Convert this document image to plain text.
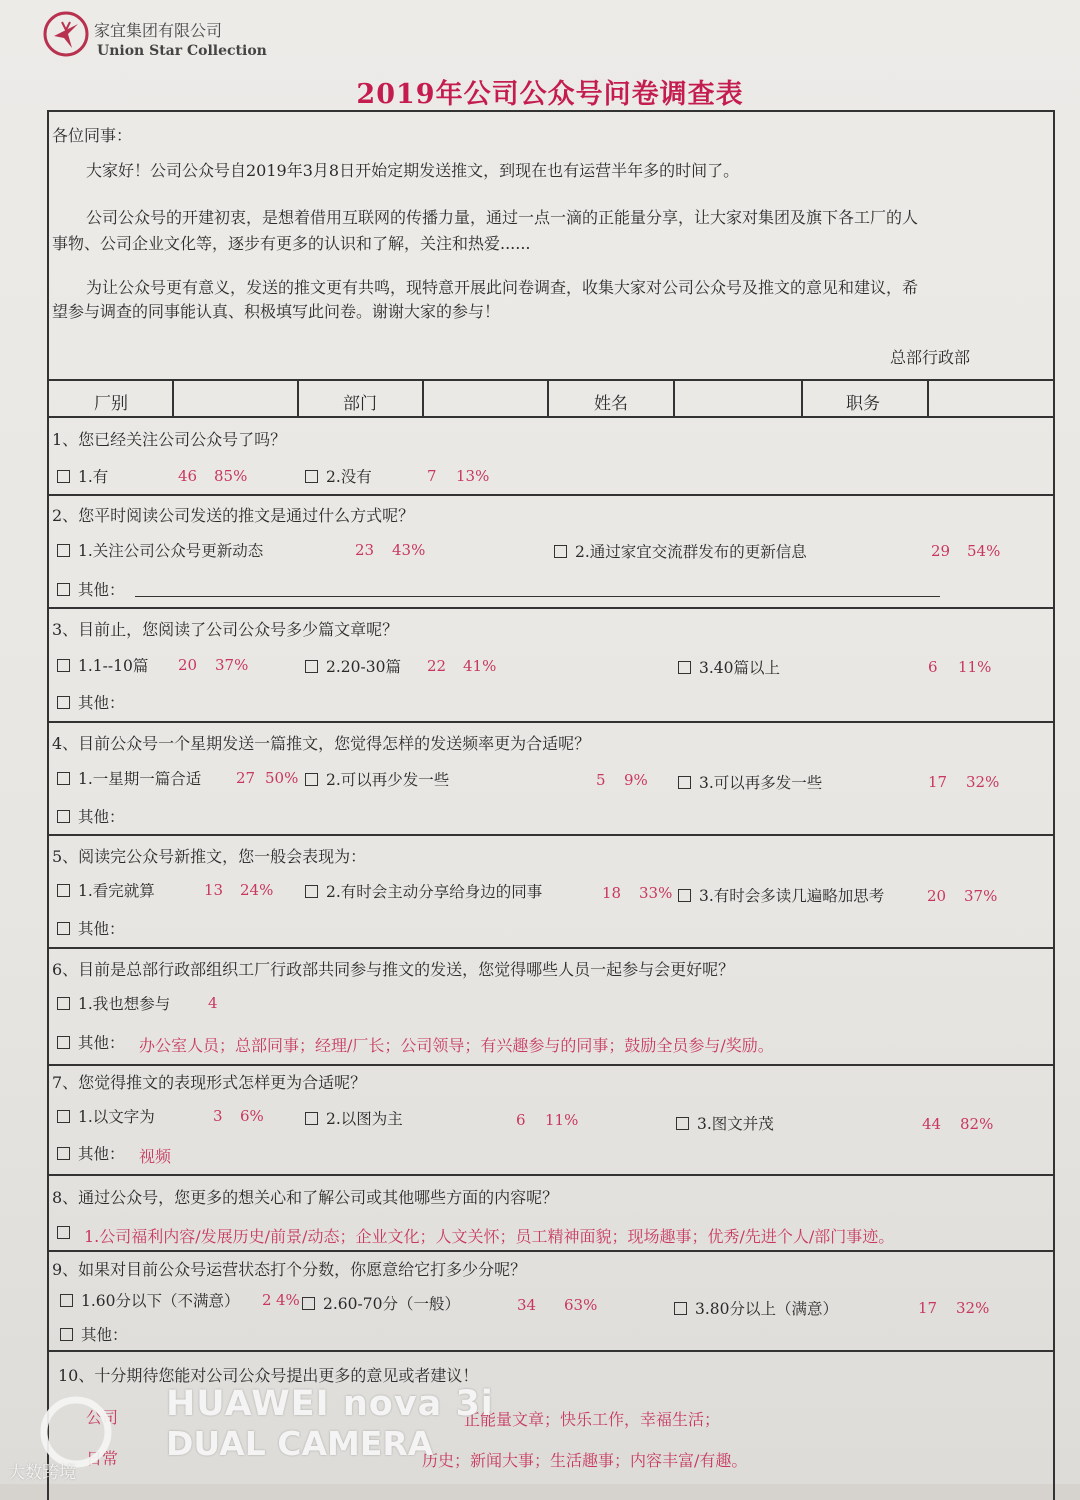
家宜集团有限公司
Union Star Collection
2019年公司公众号问卷调查表
各位同事：
大家好！公司公众号自2019年3月8日开始定期发送推文，到现在也有运营半年多的时间了。
公司公众号的开建初衷，是想着借用互联网的传播力量，通过一点一滴的正能量分享，让大家对集团及旗下各工厂的人
事物、公司企业文化等，逐步有更多的认识和了解，关注和热爱......
为让公众号更有意义，发送的推文更有共鸣，现特意开展此问卷调查，收集大家对公司公众号及推文的意见和建议，希
望参与调查的同事能认真、积极填写此问卷。谢谢大家的参与！
总部行政部
厂别	部门	姓名	职务
1、您已经关注公司公众号了吗？
1.有	46 85%	2.没有	7 13%
2、您平时阅读公司发送的推文是通过什么方式呢？
1.关注公司公众号更新动态	23 43%	2.通过家宜交流群发布的更新信息	29 54%
其他：
3、目前止，您阅读了公司公众号多少篇文章呢？
1.1--10篇 20 37%	2.20-30篇 22 41%	3.40篇以上	6 11%
其他：
4、目前公众号一个星期发送一篇推文，您觉得怎样的发送频率更为合适呢？
1.一星期一篇合适 27 50%	2.可以再少发一些	5 9%	3.可以再多发一些	17 32%
其他：
5、阅读完公众号新推文，您一般会表现为：
1.看完就算	13 24%	2.有时会主动分享给身边的同事	18 33%	3.有时会多读几遍略加思考	20 37%
其他：
6、目前是总部行政部组织工厂行政部共同参与推文的发送，您觉得哪些人员一起参与会更好呢？
1.我也想参与	4
其他： 办公室人员；总部同事；经理/厂长；公司领导；有兴趣参与的同事；鼓励全员参与/奖励。
7、您觉得推文的表现形式怎样更为合适呢？
1.以文字为	3 6%	2.以图为主	6 11%	3.图文并茂	44 82%
其他： 视频
8、通过公众号，您更多的想关心和了解公司或其他哪些方面的内容呢？
1.公司福利内容/发展历史/前景/动态；企业文化；人文关怀；员工精神面貌；现场趣事；优秀/先进个人/部门事迹。
9、如果对目前公众号运营状态打个分数，你愿意给它打多少分呢？
1.60分以下（不满意） 2 4%	2.60-70分（一般）	34 63%	3.80分以上（满意）	17 32%
其他：
10、十分期待您能对公司公众号提出更多的意见或者建议！
公司	正能量文章；快乐工作，幸福生活；
日常	历史；新闻大事；生活趣事；内容丰富/有趣。
HUAWEI nova 3i
DUAL CAMERA
大数跨境
